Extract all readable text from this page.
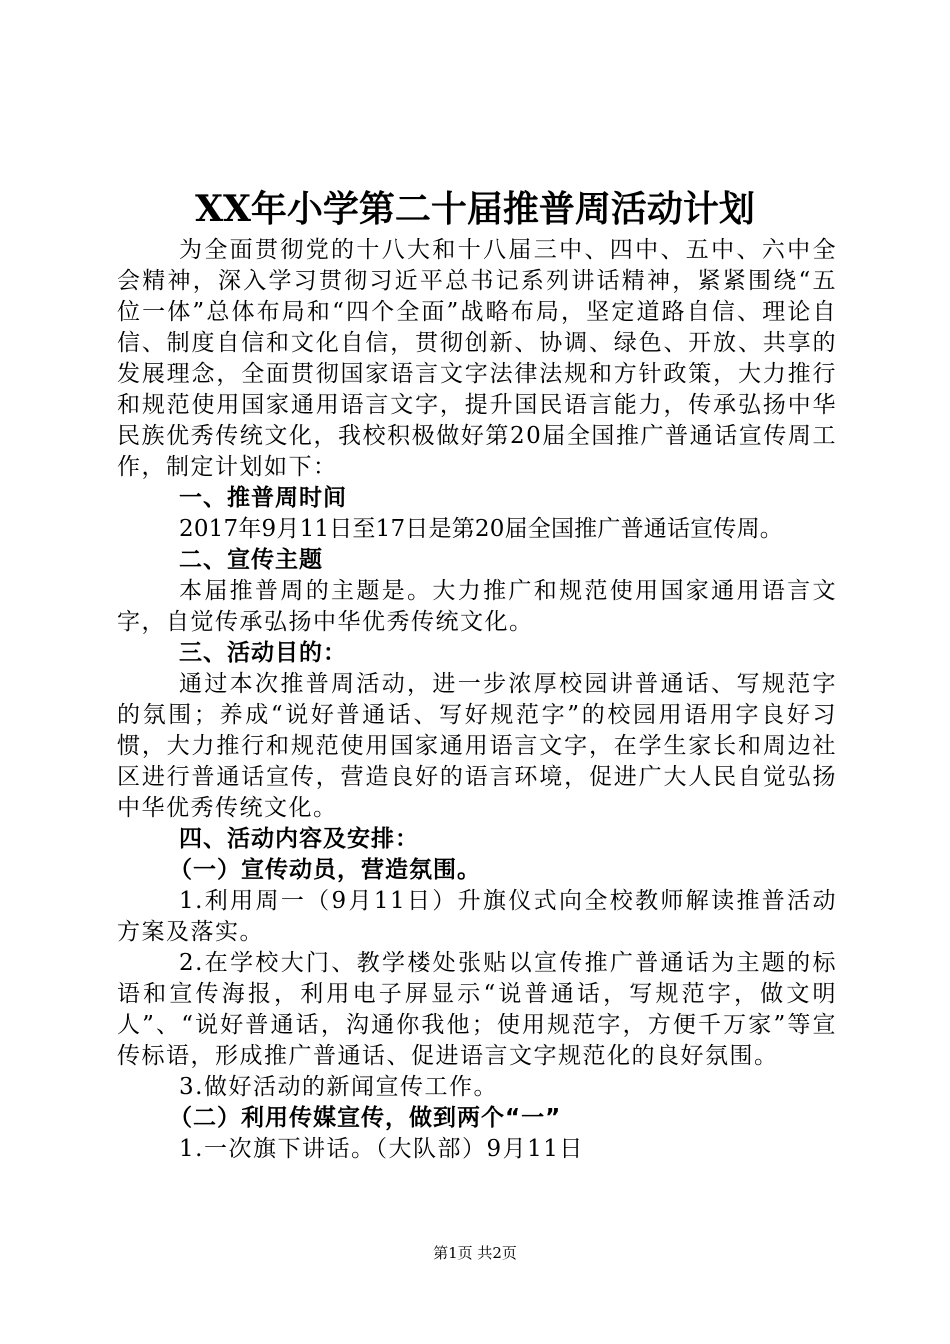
XX年小学第二十届推普周活动计划

为全面贯彻党的十八大和十八届三中、四中、五中、六中全会精神，深入学习贯彻习近平总书记系列讲话精神，紧紧围绕“五位一体”总体布局和“四个全面”战略布局，坚定道路自信、理论自信、制度自信和文化自信，贯彻创新、协调、绿色、开放、共享的发展理念，全面贯彻国家语言文字法律法规和方针政策，大力推行和规范使用国家通用语言文字，提升国民语言能力，传承弘扬中华民族优秀传统文化，我校积极做好第20届全国推广普通话宣传周工作，制定计划如下：

一、推普周时间

2017年9月11日至17日是第20届全国推广普通话宣传周。

二、宣传主题

本届推普周的主题是。大力推广和规范使用国家通用语言文字，自觉传承弘扬中华优秀传统文化。

三、活动目的：

通过本次推普周活动，进一步浓厚校园讲普通话、写规范字的氛围；养成“说好普通话、写好规范字”的校园用语用字良好习惯，大力推行和规范使用国家通用语言文字，在学生家长和周边社区进行普通话宣传，营造良好的语言环境，促进广大人民自觉弘扬中华优秀传统文化。

四、活动内容及安排：

（一）宣传动员，营造氛围。

1.利用周一（9月11日）升旗仪式向全校教师解读推普活动方案及落实。

2.在学校大门、教学楼处张贴以宣传推广普通话为主题的标语和宣传海报，利用电子屏显示“说普通话，写规范字，做文明人”、“说好普通话，沟通你我他；使用规范字，方便千万家”等宣传标语，形成推广普通话、促进语言文字规范化的良好氛围。

3.做好活动的新闻宣传工作。

（二）利用传媒宣传，做到两个“一”

1.一次旗下讲话。（大队部）9月11日

第1页 共2页
